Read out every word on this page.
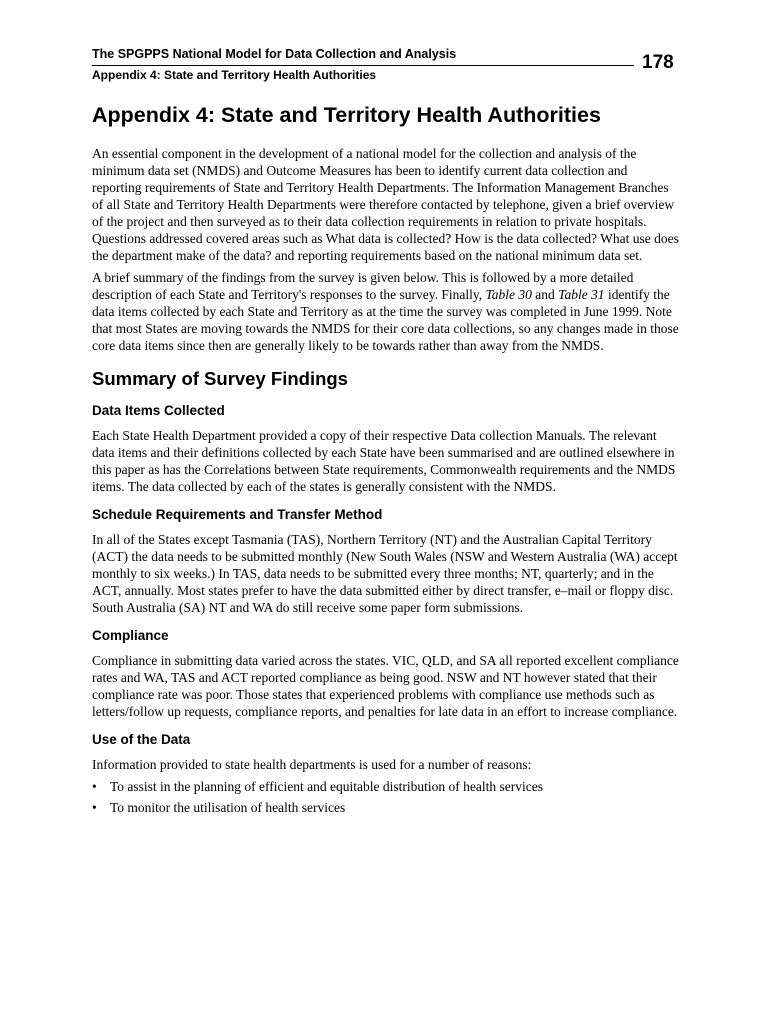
The SPGPPS National Model for Data Collection and Analysis
Appendix 4: State and Territory Health Authorities
178
Appendix 4: State and Territory Health Authorities

An essential component in the development of a national model for the collection and analysis of the minimum data set (NMDS) and Outcome Measures has been to identify current data collection and reporting requirements of State and Territory Health Departments. The Information Management Branches of all State and Territory Health Departments were therefore contacted by telephone, given a brief overview of the project and then surveyed as to their data collection requirements in relation to private hospitals. Questions addressed covered areas such as What data is collected? How is the data collected? What use does the department make of the data? and reporting requirements based on the national minimum data set.

A brief summary of the findings from the survey is given below. This is followed by a more detailed description of each State and Territory's responses to the survey. Finally, Table 30 and Table 31 identify the data items collected by each State and Territory as at the time the survey was completed in June 1999. Note that most States are moving towards the NMDS for their core data collections, so any changes made in those core data items since then are generally likely to be towards rather than away from the NMDS.

Summary of Survey Findings
Data Items Collected

Each State Health Department provided a copy of their respective Data collection Manuals. The relevant data items and their definitions collected by each State have been summarised and are outlined elsewhere in this paper as has the Correlations between State requirements, Commonwealth requirements and the NMDS items. The data collected by each of the states is generally consistent with the NMDS.

Schedule Requirements and Transfer Method

In all of the States except Tasmania (TAS), Northern Territory (NT) and the Australian Capital Territory (ACT) the data needs to be submitted monthly (New South Wales (NSW and Western Australia (WA) accept monthly to six weeks.) In TAS, data needs to be submitted every three months; NT, quarterly; and in the ACT, annually. Most states prefer to have the data submitted either by direct transfer, e–mail or floppy disc. South Australia (SA) NT and WA do still receive some paper form submissions.

Compliance

Compliance in submitting data varied across the states. VIC, QLD, and SA all reported excellent compliance rates and WA, TAS and ACT reported compliance as being good. NSW and NT however stated that their compliance rate was poor. Those states that experienced problems with compliance use methods such as letters/follow up requests, compliance reports, and penalties for late data in an effort to increase compliance.

Use of the Data

Information provided to state health departments is used for a number of reasons:

• To assist in the planning of efficient and equitable distribution of health services
• To monitor the utilisation of health services
